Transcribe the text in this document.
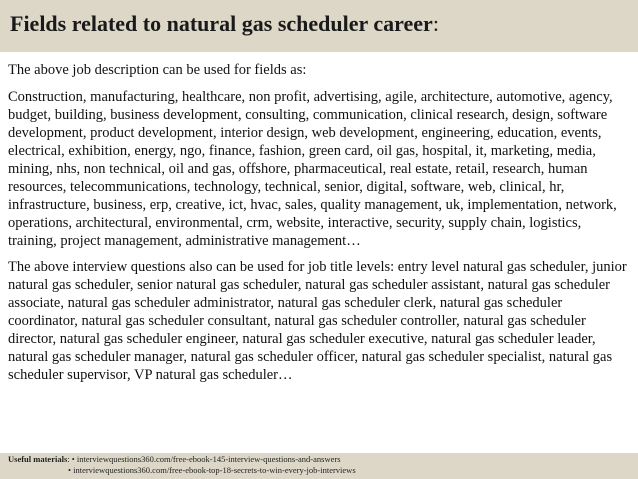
Fields related to natural gas scheduler career:

The above job description can be used for fields as:

Construction, manufacturing, healthcare, non profit, advertising, agile, architecture, automotive, agency, budget, building, business development, consulting, communication, clinical research, design, software development, product development, interior design, web development, engineering, education, events, electrical, exhibition, energy, ngo, finance, fashion, green card, oil gas, hospital, it, marketing, media, mining, nhs, non technical, oil and gas, offshore, pharmaceutical, real estate, retail, research, human resources, telecommunications, technology, technical, senior, digital, software, web, clinical, hr, infrastructure, business, erp, creative, ict, hvac, sales, quality management, uk, implementation, network, operations, architectural, environmental, crm, website, interactive, security, supply chain, logistics, training, project management, administrative management…

The above interview questions also can be used for job title levels: entry level natural gas scheduler, junior natural gas scheduler, senior natural gas scheduler, natural gas scheduler assistant, natural gas scheduler associate, natural gas scheduler administrator, natural gas scheduler clerk, natural gas scheduler coordinator, natural gas scheduler consultant, natural gas scheduler controller, natural gas scheduler director, natural gas scheduler engineer, natural gas scheduler executive, natural gas scheduler leader, natural gas scheduler manager, natural gas scheduler officer, natural gas scheduler specialist, natural gas scheduler supervisor, VP natural gas scheduler…

Useful materials: • interviewquestions360.com/free-ebook-145-interview-questions-and-answers
• interviewquestions360.com/free-ebook-top-18-secrets-to-win-every-job-interviews
